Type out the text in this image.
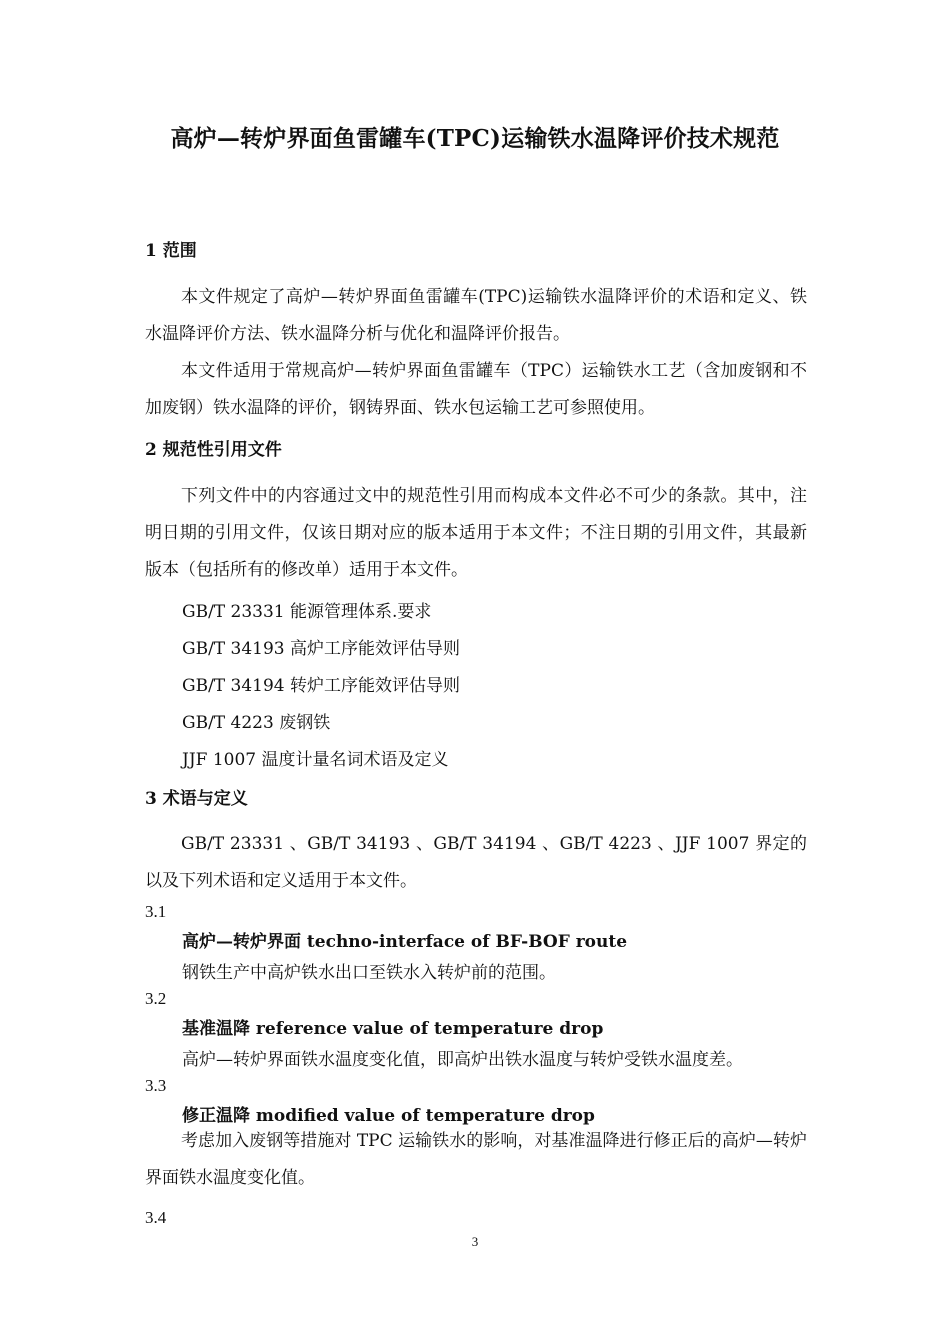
高炉—转炉界面鱼雷罐车(TPC)运输铁水温降评价技术规范
1 范围

本文件规定了高炉—转炉界面鱼雷罐车(TPC)运输铁水温降评价的术语和定义、铁水温降评价方法、铁水温降分析与优化和温降评价报告。

本文件适用于常规高炉—转炉界面鱼雷罐车（TPC）运输铁水工艺（含加废钢和不加废钢）铁水温降的评价，钢铸界面、铁水包运输工艺可参照使用。

2 规范性引用文件

下列文件中的内容通过文中的规范性引用而构成本文件必不可少的条款。其中，注明日期的引用文件，仅该日期对应的版本适用于本文件；不注日期的引用文件，其最新版本（包括所有的修改单）适用于本文件。

GB/T 23331 能源管理体系.要求
GB/T 34193 高炉工序能效评估导则
GB/T 34194 转炉工序能效评估导则
GB/T 4223 废钢铁
JJF 1007 温度计量名词术语及定义
3 术语与定义

GB/T 23331 、GB/T 34193 、GB/T 34194 、GB/T 4223 、JJF 1007 界定的以及下列术语和定义适用于本文件。

3.1
高炉—转炉界面 techno-interface of BF-BOF route
钢铁生产中高炉铁水出口至铁水入转炉前的范围。
3.2
基准温降 reference value of temperature drop
高炉—转炉界面铁水温度变化值，即高炉出铁水温度与转炉受铁水温度差。
3.3
修正温降 modified value of temperature drop

考虑加入废钢等措施对 TPC 运输铁水的影响，对基准温降进行修正后的高炉—转炉界面铁水温度变化值。

3.4
3
